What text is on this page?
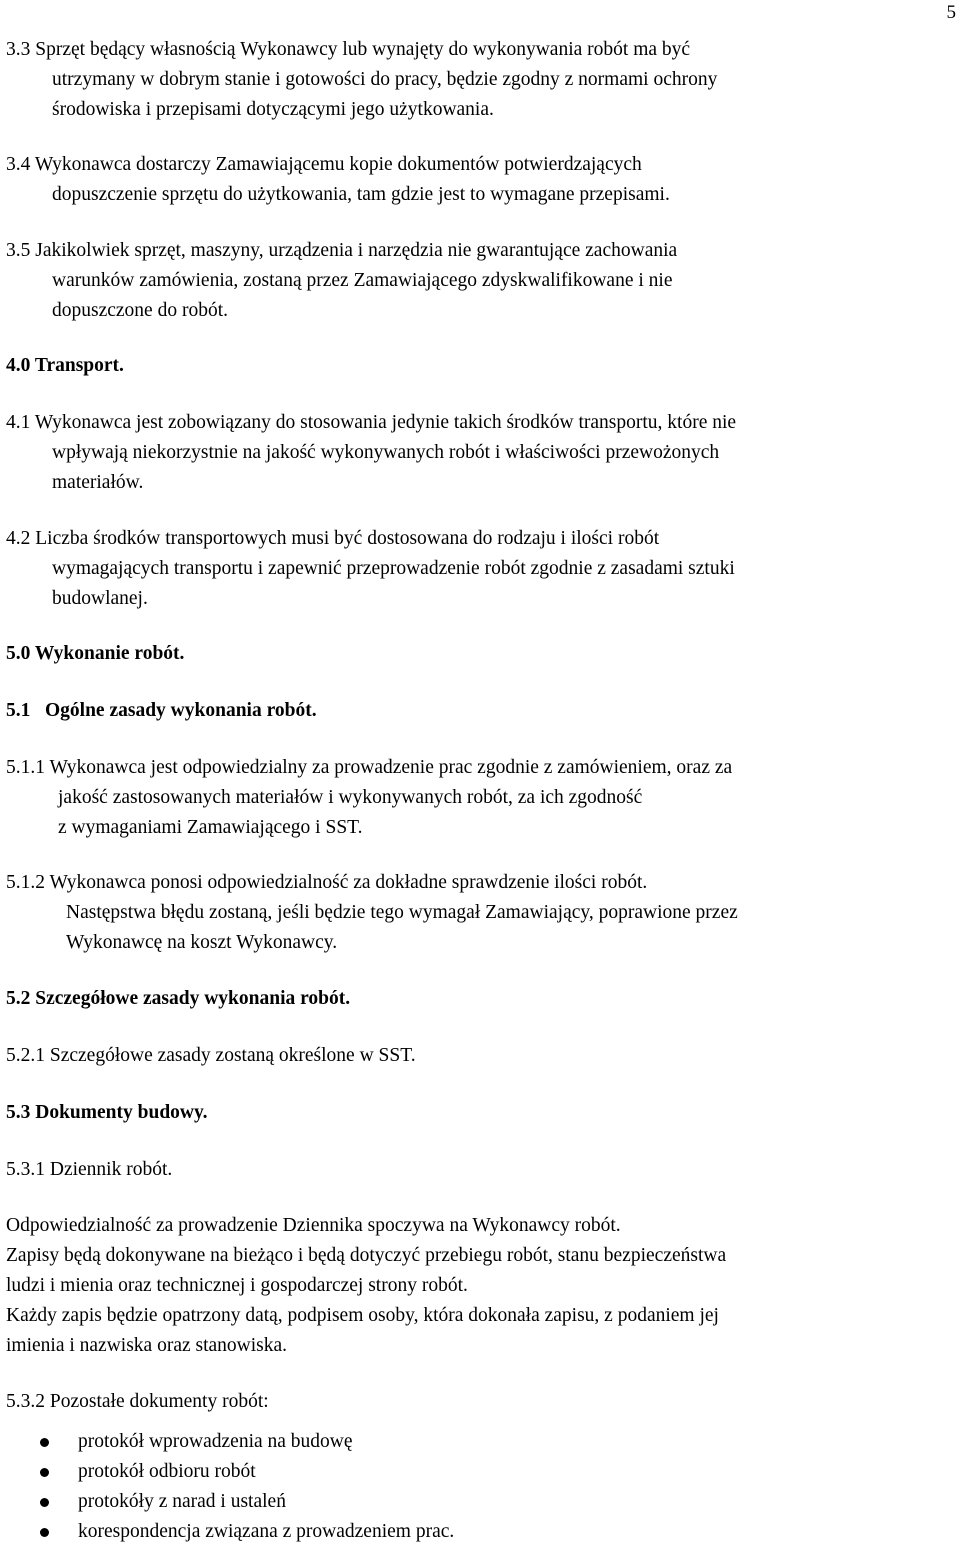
5
3.3 Sprzęt będący własnością Wykonawcy lub wynajęty do wykonywania robót ma być
utrzymany w dobrym stanie i gotowości do pracy, będzie zgodny z normami ochrony
środowiska i przepisami dotyczącymi jego użytkowania.
3.4 Wykonawca dostarczy Zamawiającemu kopie dokumentów potwierdzających
dopuszczenie sprzętu do użytkowania, tam gdzie jest to wymagane przepisami.
3.5 Jakikolwiek sprzęt, maszyny, urządzenia i narzędzia nie gwarantujące zachowania
warunków zamówienia, zostaną przez Zamawiającego zdyskwalifikowane i nie
dopuszczone do robót.
4.0 Transport.
4.1 Wykonawca jest zobowiązany do stosowania jedynie takich środków transportu, które nie
wpływają niekorzystnie na jakość wykonywanych robót i właściwości przewożonych
materiałów.
4.2 Liczba środków transportowych musi być dostosowana do rodzaju i ilości robót
wymagających transportu i zapewnić przeprowadzenie robót zgodnie z zasadami sztuki
budowlanej.
5.0 Wykonanie robót.
5.1   Ogólne zasady wykonania robót.
5.1.1 Wykonawca jest odpowiedzialny za prowadzenie prac zgodnie z zamówieniem, oraz za
jakość zastosowanych materiałów i wykonywanych robót, za ich zgodność
z wymaganiami Zamawiającego i SST.
5.1.2 Wykonawca ponosi odpowiedzialność za dokładne sprawdzenie ilości robót.
Następstwa błędu zostaną, jeśli będzie tego wymagał Zamawiający, poprawione przez
Wykonawcę na koszt Wykonawcy.
5.2 Szczegółowe zasady wykonania robót.
5.2.1 Szczegółowe zasady zostaną określone w SST.
5.3 Dokumenty budowy.
5.3.1 Dziennik robót.
Odpowiedzialność za prowadzenie Dziennika spoczywa na Wykonawcy robót.
Zapisy będą dokonywane na bieżąco i będą dotyczyć przebiegu robót, stanu bezpieczeństwa
ludzi i mienia oraz technicznej i gospodarczej strony robót.
Każdy zapis będzie opatrzony datą, podpisem osoby, która dokonała zapisu, z podaniem jej
imienia i nazwiska oraz stanowiska.
5.3.2 Pozostałe dokumenty robót:
protokół wprowadzenia na budowę
protokół odbioru robót
protokóły z narad i ustaleń
korespondencja związana z prowadzeniem prac.
